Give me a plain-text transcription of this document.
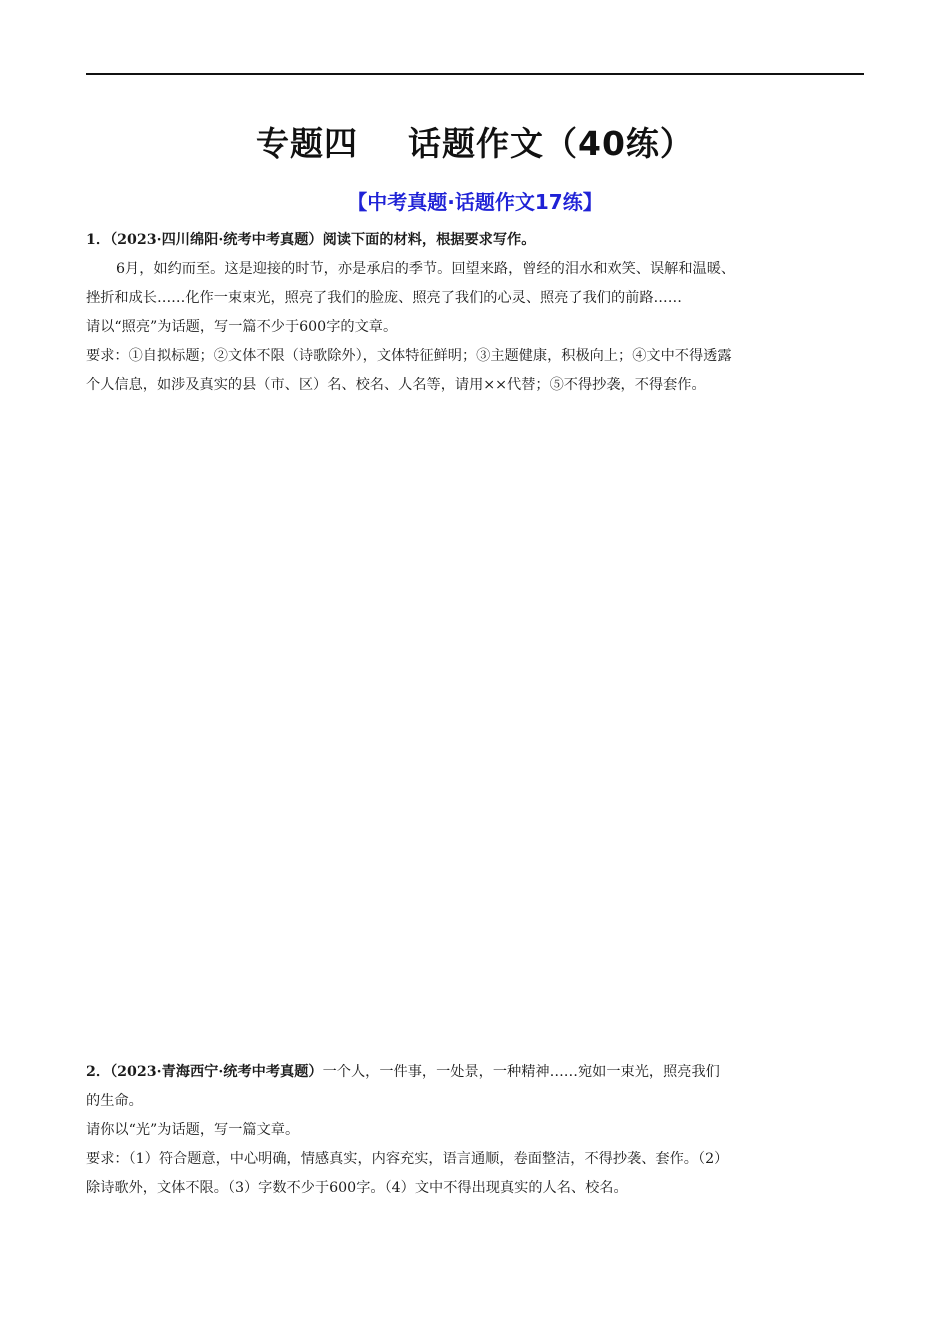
专题四    话题作文（40练）
【中考真题·话题作文17练】
1．（2023·四川绵阳·统考中考真题）阅读下面的材料，根据要求写作。
6月，如约而至。这是迎接的时节，亦是承启的季节。回望来路，曾经的泪水和欢笑、误解和温暖、
挫折和成长……化作一束束光，照亮了我们的脸庞、照亮了我们的心灵、照亮了我们的前路……
请以“照亮”为话题，写一篇不少于600字的文章。
要求：①自拟标题；②文体不限（诗歌除外），文体特征鲜明；③主题健康，积极向上；④文中不得透露
个人信息，如涉及真实的县（市、区）名、校名、人名等，请用××代替；⑤不得抄袭，不得套作。
2．（2023·青海西宁·统考中考真题）一个人，一件事，一处景，一种精神……宛如一束光，照亮我们
的生命。
请你以“光”为话题，写一篇文章。
要求：（1）符合题意，中心明确，情感真实，内容充实，语言通顺，卷面整洁，不得抄袭、套作。（2）
除诗歌外，文体不限。（3）字数不少于600字。（4）文中不得出现真实的人名、校名。
